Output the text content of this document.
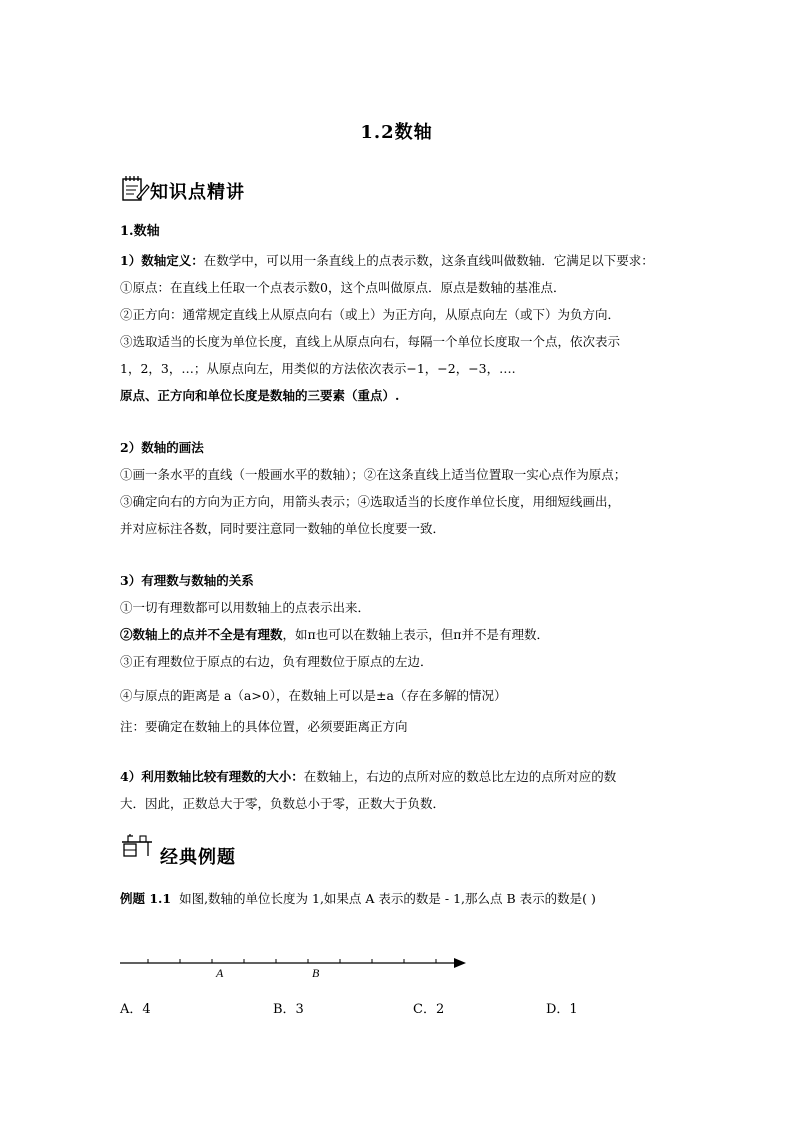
1.2数轴
知识点精讲
1.数轴
1）数轴定义：在数学中，可以用一条直线上的点表示数，这条直线叫做数轴．它满足以下要求：
①原点：在直线上任取一个点表示数0，这个点叫做原点．原点是数轴的基准点．
②正方向：通常规定直线上从原点向右（或上）为正方向，从原点向左（或下）为负方向．
③选取适当的长度为单位长度，直线上从原点向右，每隔一个单位长度取一个点，依次表示
1，2，3，…；从原点向左，用类似的方法依次表示−1，−2，−3，….
原点、正方向和单位长度是数轴的三要素（重点）.
2）数轴的画法
①画一条水平的直线（一般画水平的数轴）；②在这条直线上适当位置取一实心点作为原点；
③确定向右的方向为正方向，用箭头表示；④选取适当的长度作单位长度，用细短线画出，
并对应标注各数，同时要注意同一数轴的单位长度要一致．
3）有理数与数轴的关系
①一切有理数都可以用数轴上的点表示出来．
②数轴上的点并不全是有理数，如π也可以在数轴上表示，但π并不是有理数．
③正有理数位于原点的右边，负有理数位于原点的左边．
④与原点的距离是 a（a>0），在数轴上可以是±a（存在多解的情况）
注：要确定在数轴上的具体位置，必须要距离正方向
4）利用数轴比较有理数的大小：在数轴上，右边的点所对应的数总比左边的点所对应的数
大．因此，正数总大于零，负数总小于零，正数大于负数．
经典例题
例题 1.1 如图,数轴的单位长度为 1,如果点 A 表示的数是 - 1,那么点 B 表示的数是( )
A	B
A．4	B．3	C．2	D．1
